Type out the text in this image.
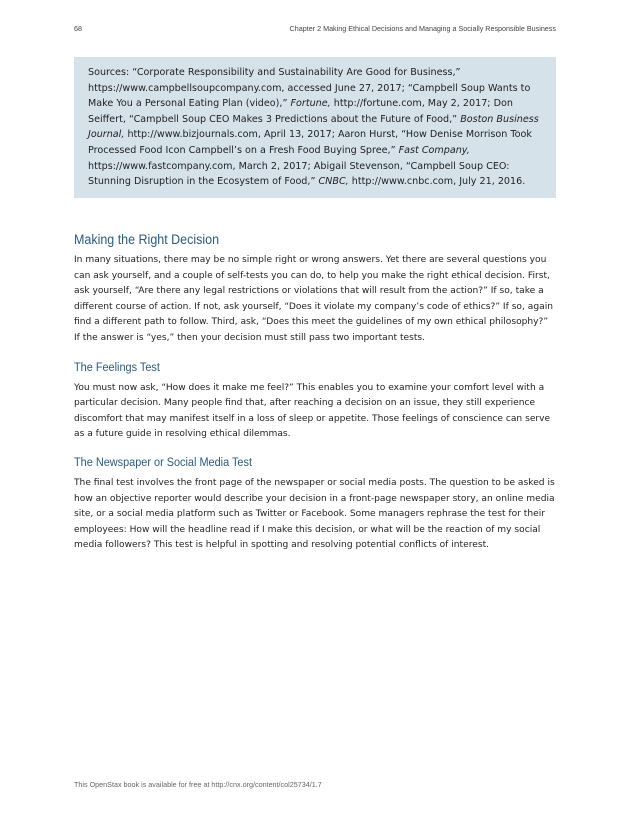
68	Chapter 2 Making Ethical Decisions and Managing a Socially Responsible Business
Sources: “Corporate Responsibility and Sustainability Are Good for Business,” https://www.campbellsoupcompany.com, accessed June 27, 2017; “Campbell Soup Wants to Make You a Personal Eating Plan (video),” Fortune, http://fortune.com, May 2, 2017; Don Seiffert, “Campbell Soup CEO Makes 3 Predictions about the Future of Food,” Boston Business Journal, http://www.bizjournals.com, April 13, 2017; Aaron Hurst, “How Denise Morrison Took Processed Food Icon Campbell’s on a Fresh Food Buying Spree,” Fast Company, https://www.fastcompany.com, March 2, 2017; Abigail Stevenson, “Campbell Soup CEO: Stunning Disruption in the Ecosystem of Food,” CNBC, http://www.cnbc.com, July 21, 2016.
Making the Right Decision

In many situations, there may be no simple right or wrong answers. Yet there are several questions you can ask yourself, and a couple of self-tests you can do, to help you make the right ethical decision. First, ask yourself, “Are there any legal restrictions or violations that will result from the action?” If so, take a different course of action. If not, ask yourself, “Does it violate my company’s code of ethics?” If so, again find a different path to follow. Third, ask, “Does this meet the guidelines of my own ethical philosophy?” If the answer is “yes,” then your decision must still pass two important tests.

The Feelings Test

You must now ask, “How does it make me feel?” This enables you to examine your comfort level with a particular decision. Many people find that, after reaching a decision on an issue, they still experience discomfort that may manifest itself in a loss of sleep or appetite. Those feelings of conscience can serve as a future guide in resolving ethical dilemmas.

The Newspaper or Social Media Test

The final test involves the front page of the newspaper or social media posts. The question to be asked is how an objective reporter would describe your decision in a front-page newspaper story, an online media site, or a social media platform such as Twitter or Facebook. Some managers rephrase the test for their employees: How will the headline read if I make this decision, or what will be the reaction of my social media followers? This test is helpful in spotting and resolving potential conflicts of interest.

This OpenStax book is available for free at http://cnx.org/content/col25734/1.7
